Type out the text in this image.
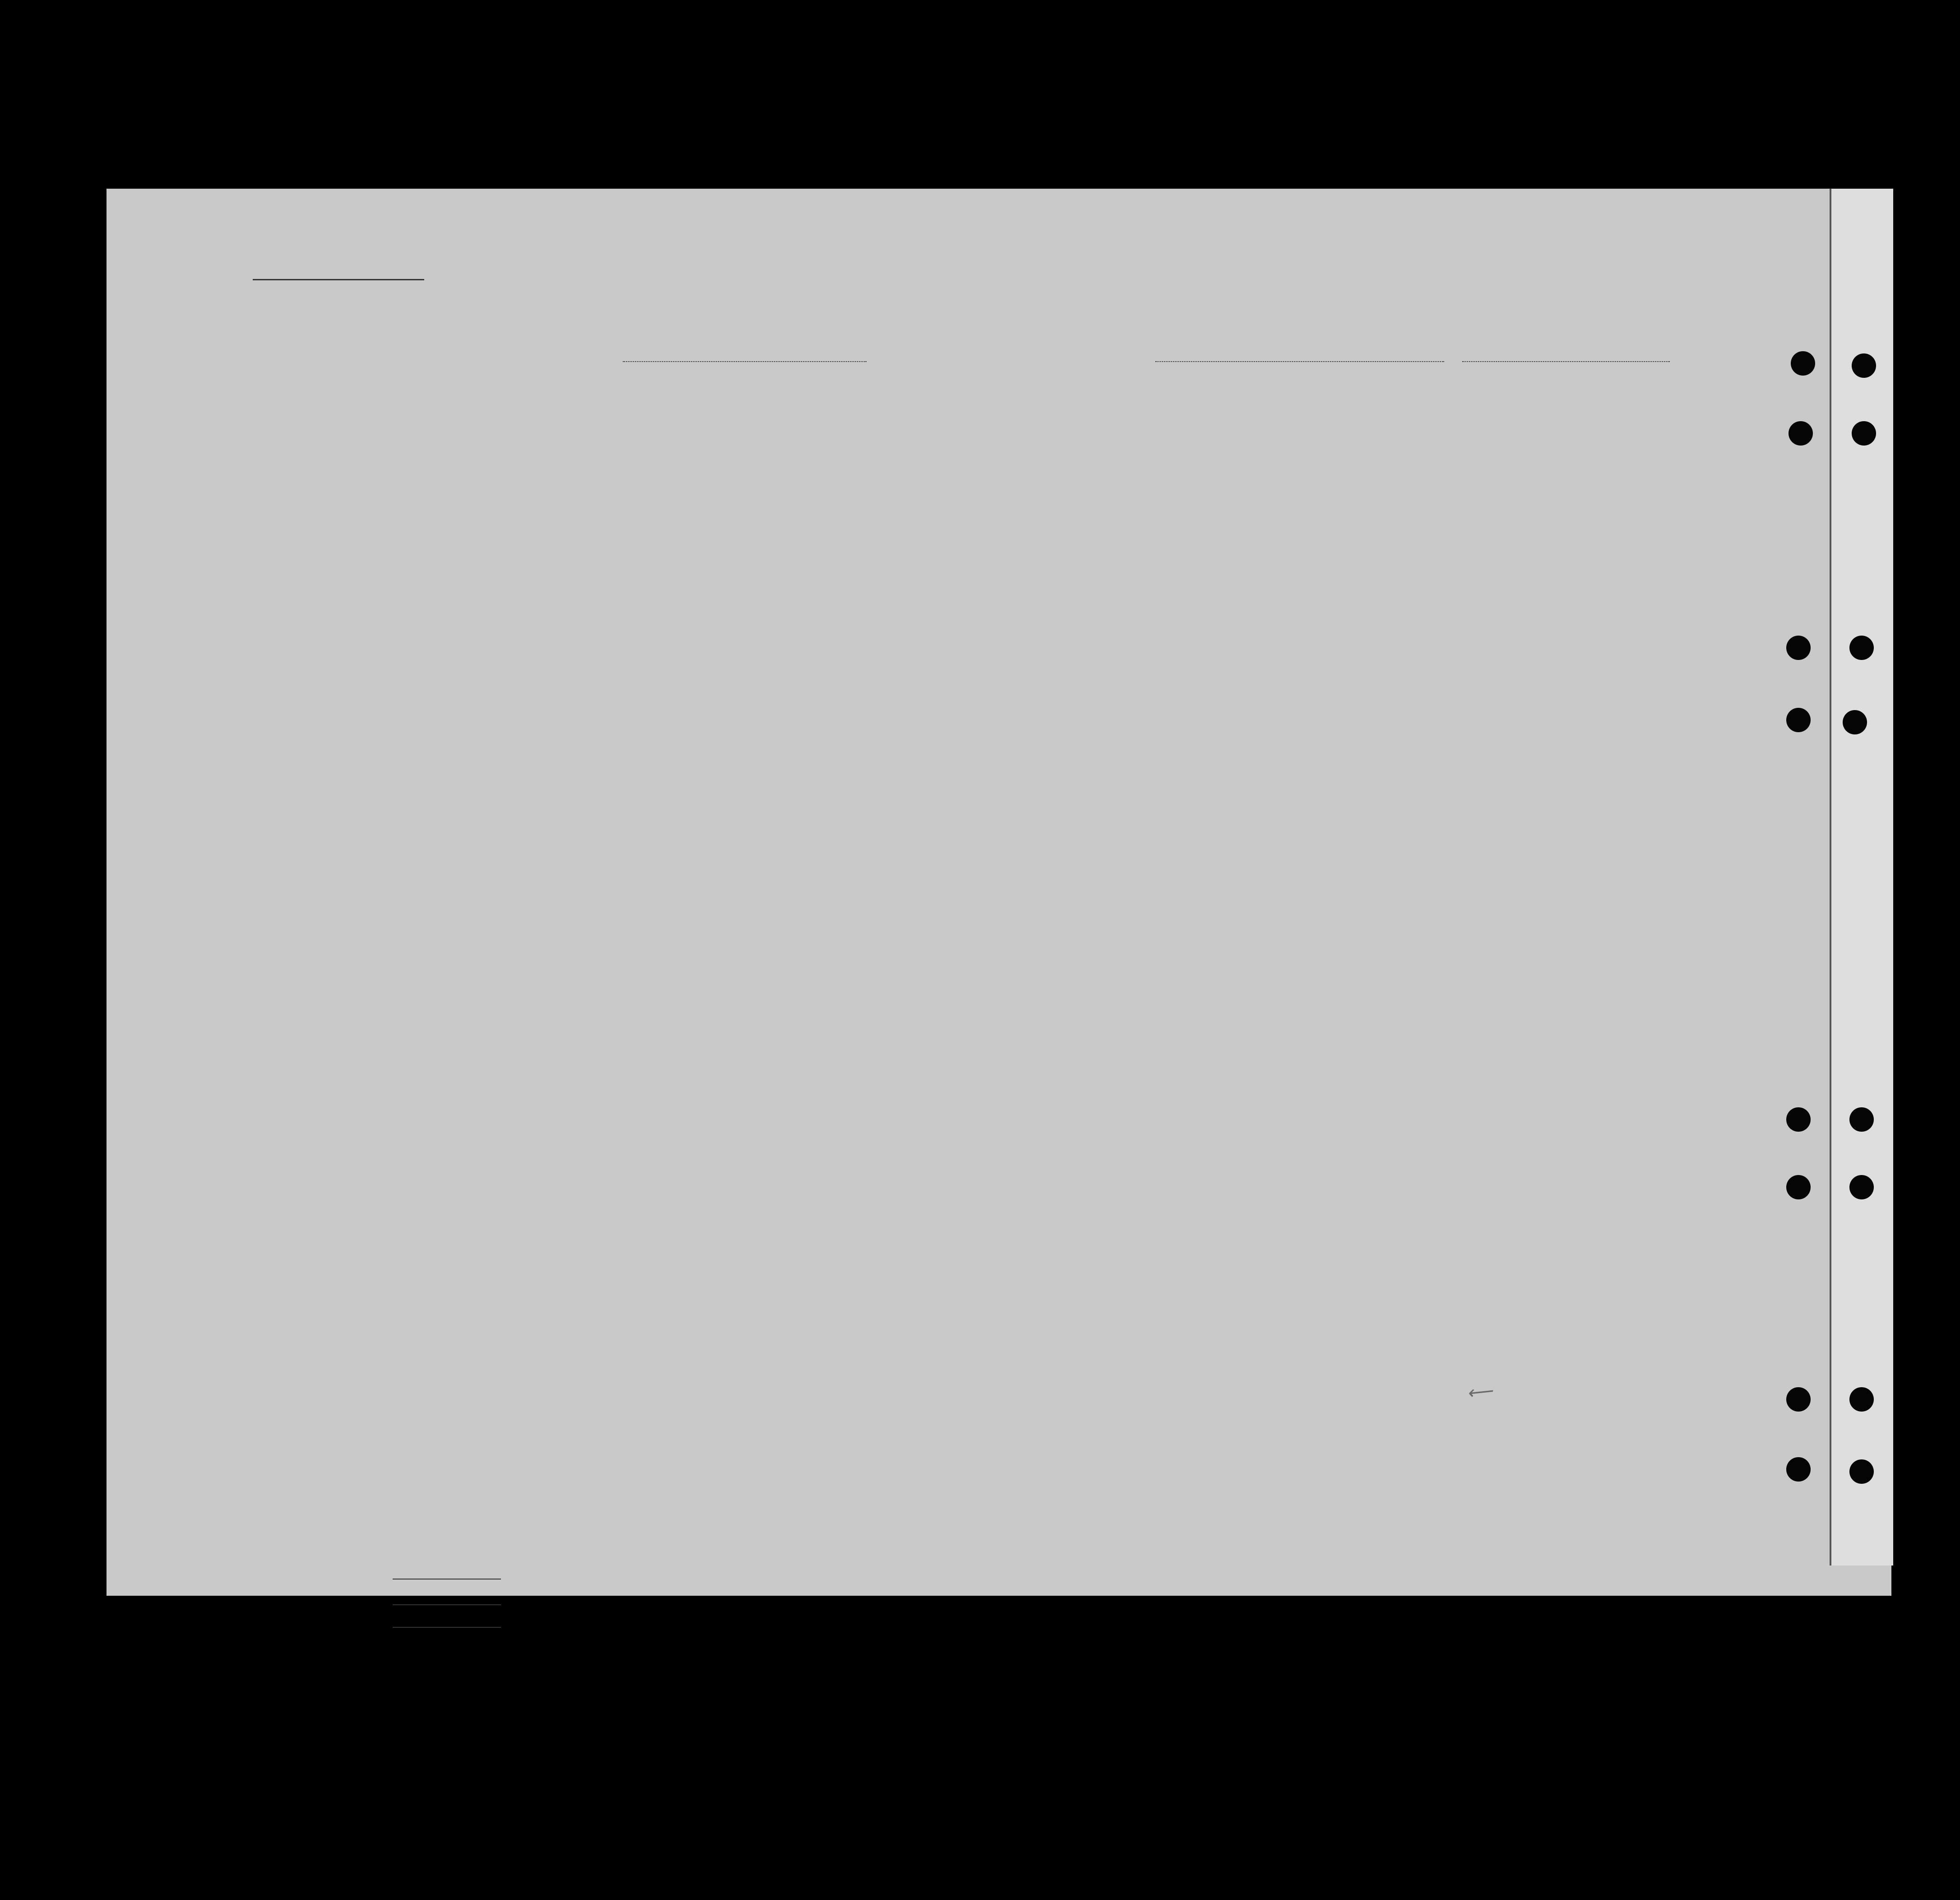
⟵
